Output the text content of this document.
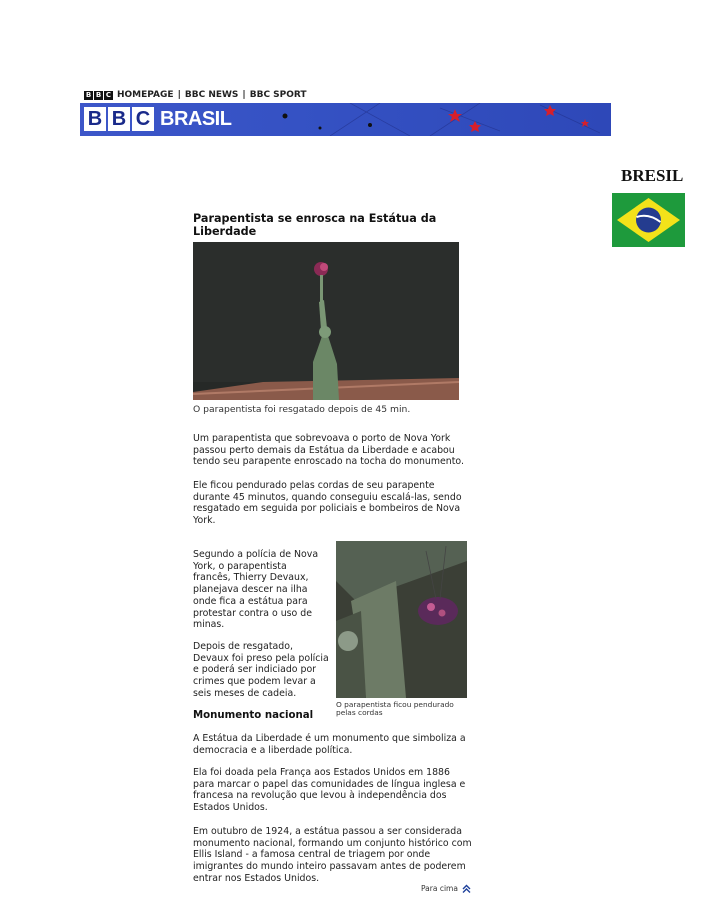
B B C HOMEPAGE | BBC NEWS | BBC SPORT
B B C BRASIL
BRESIL
Parapentista se enrosca na Estátua da Liberdade
O parapentista foi resgatado depois de 45 min.
Um parapentista que sobrevoava o porto de Nova York passou perto demais da Estátua da Liberdade e acabou tendo seu parapente enroscado na tocha do monumento.
Ele ficou pendurado pelas cordas de seu parapente durante 45 minutos, quando conseguiu escalá-las, sendo resgatado em seguida por policiais e bombeiros de Nova York.
Segundo a polícia de Nova York, o parapentista francês, Thierry Devaux, planejava descer na ilha onde fica a estátua para protestar contra o uso de minas.
Depois de resgatado, Devaux foi preso pela polícia e poderá ser indiciado por crimes que podem levar a seis meses de cadeia.
O parapentista ficou pendurado pelas cordas
Monumento nacional
A Estátua da Liberdade é um monumento que simboliza a democracia e a liberdade política.
Ela foi doada pela França aos Estados Unidos em 1886 para marcar o papel das comunidades de língua inglesa e francesa na revolução que levou à independência dos Estados Unidos.
Em outubro de 1924, a estátua passou a ser considerada monumento nacional, formando um conjunto histórico com Ellis Island - a famosa central de triagem por onde imigrantes do mundo inteiro passavam antes de poderem entrar nos Estados Unidos.
Para cima
